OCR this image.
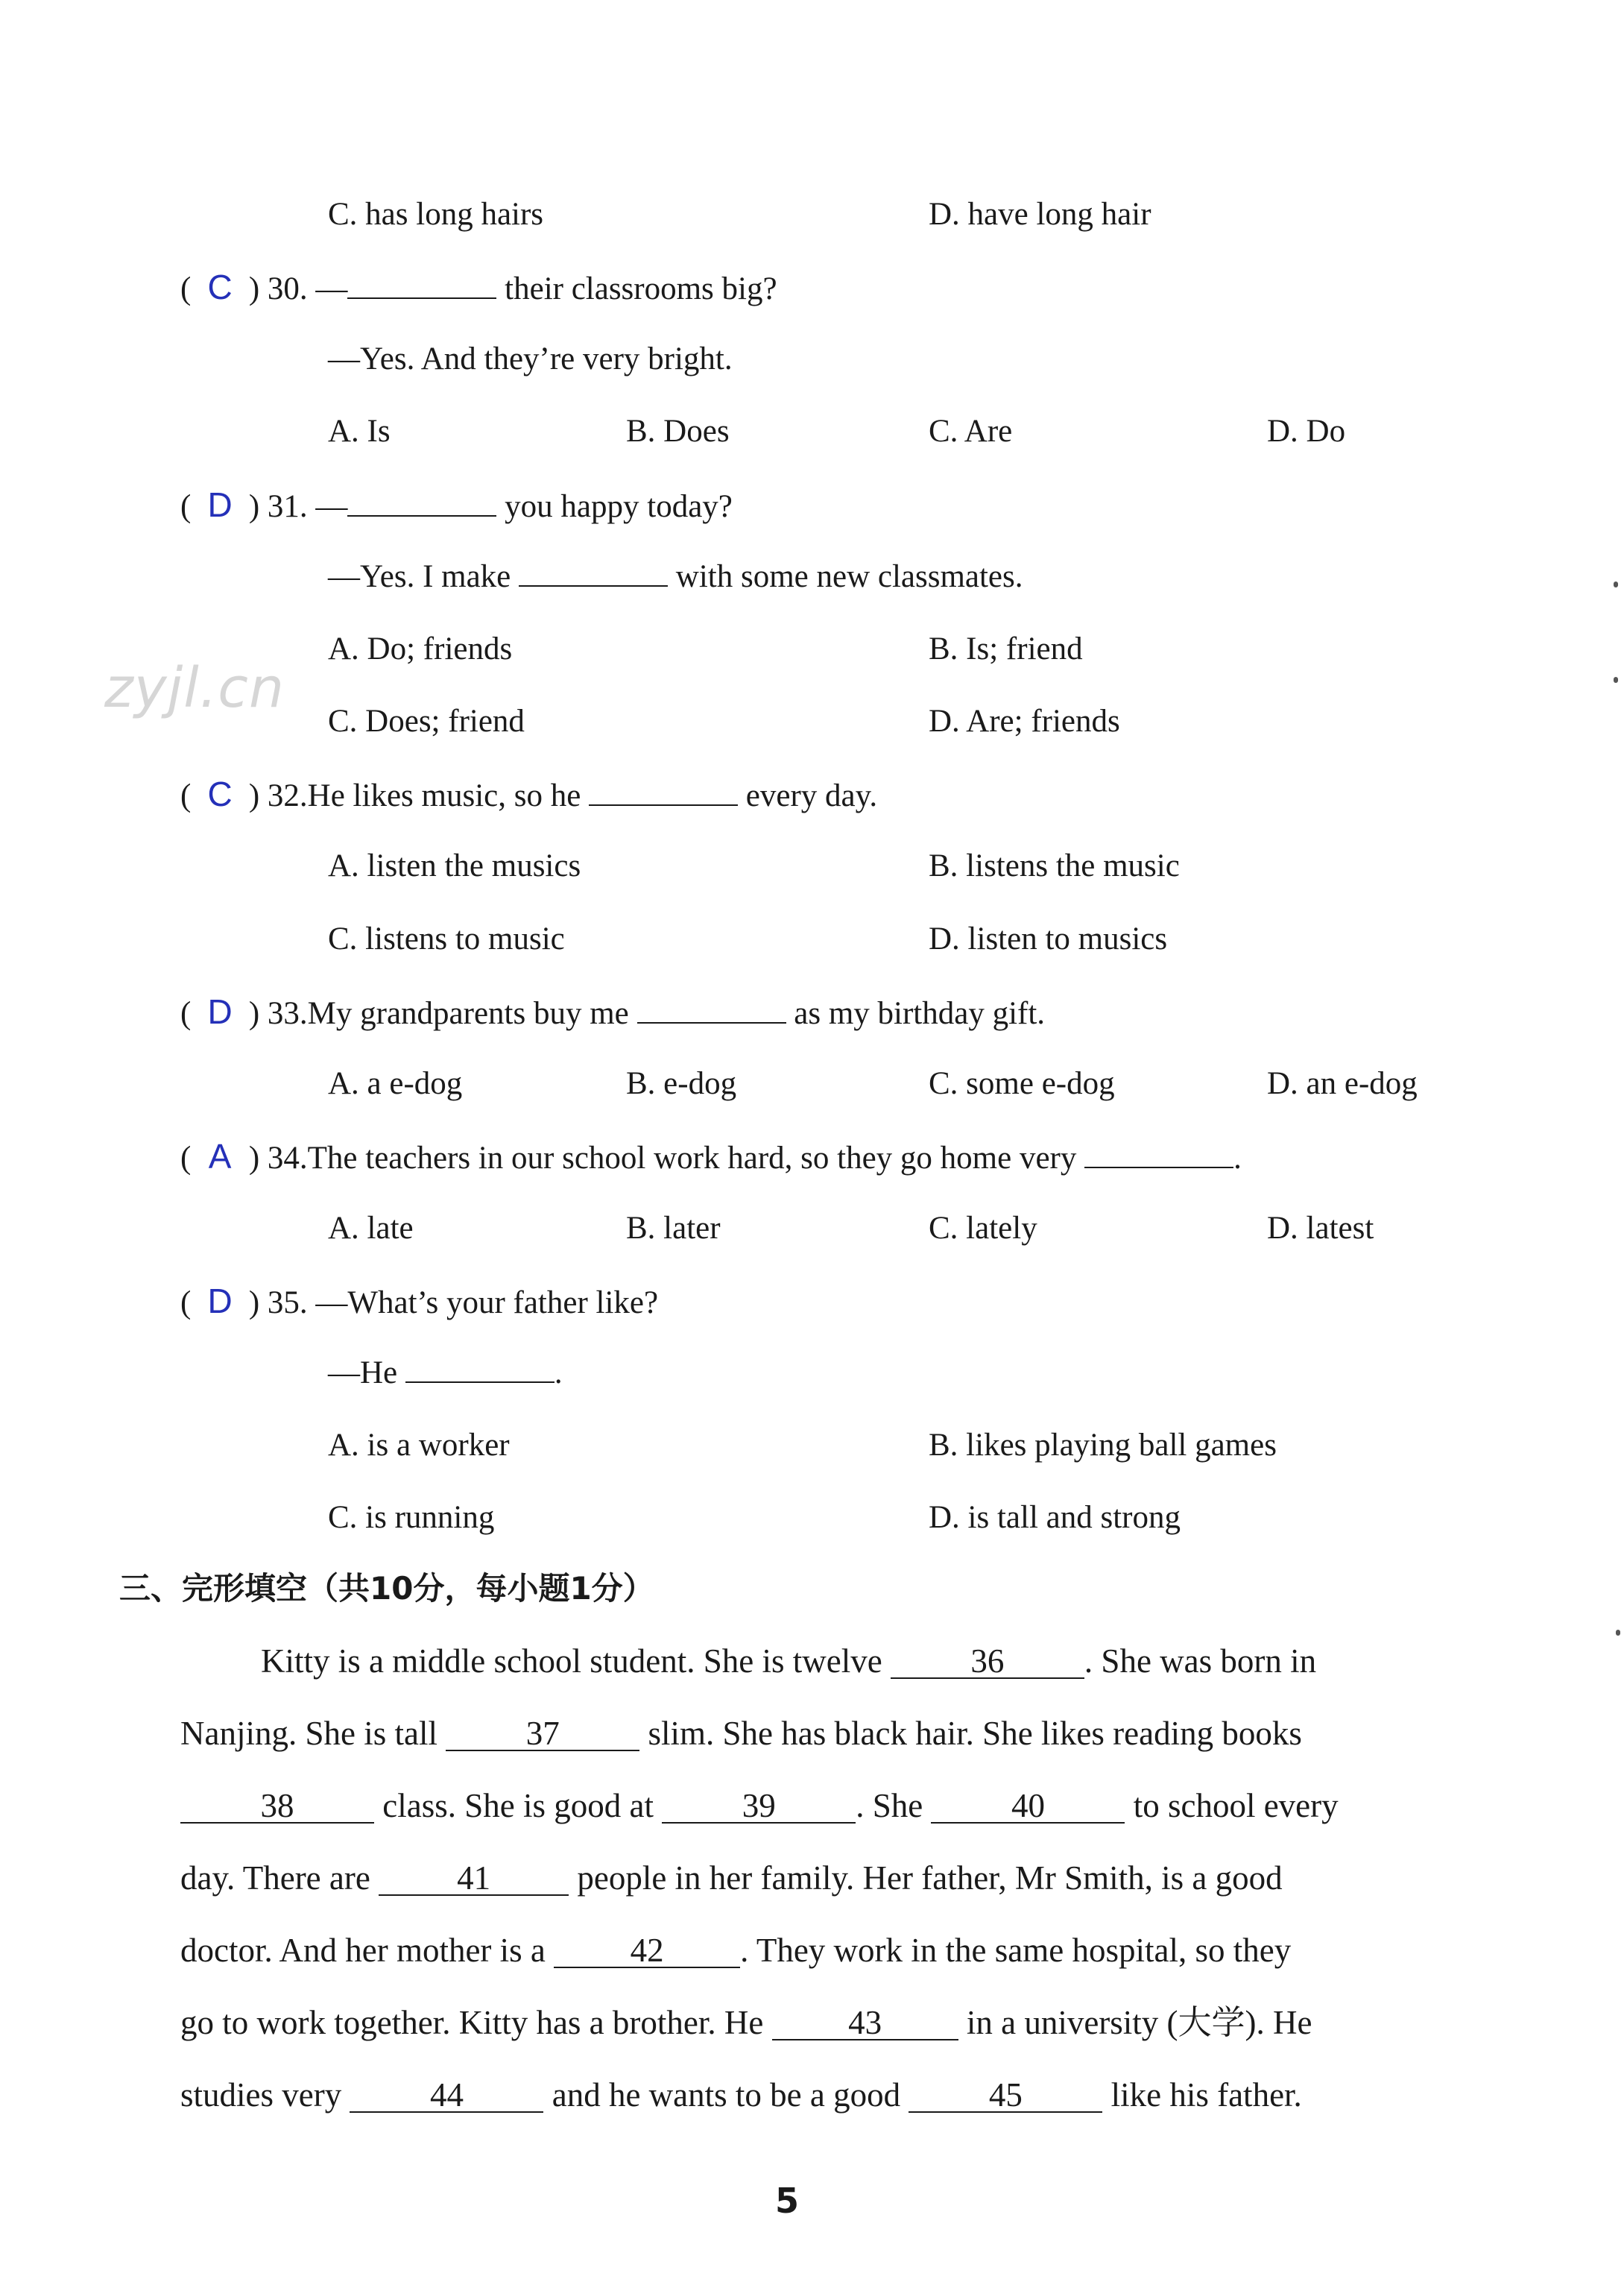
zyjl.cn
C. has long hairs	D. have long hair
( C ) 30. —	their classrooms big?
—Yes. And they’re very bright.
A. Is	B. Does	C. Are	D. Do
( D ) 31. —	you happy today?
—Yes. I make	with some new classmates.
A. Do; friends	B. Is; friend
C. Does; friend	D. Are; friends
( C ) 32.He likes music, so he	every day.
A. listen the musics	B. listens the music
C. listens to music	D. listen to musics
( D ) 33.My grandparents buy me	as my birthday gift.
A. a e-dog	B. e-dog	C. some e-dog	D. an e-dog
( A ) 34.The teachers in our school work hard, so they go home very	.
A. late	B. later	C. lately	D. latest
( D ) 35. —What’s your father like?
—He	.
A. is a worker	B. likes playing ball games
C. is running	D. is tall and strong
三、完形填空（共10分，每小题1分）
Kitty is a middle school student. She is twelve	36 . She was born in
Nanjing. She is tall	37	slim. She has black hair. She likes reading books
38	class. She is good at	39 . She	40	to school every
day. There are	41	people in her family. Her father, Mr Smith, is a good
doctor. And her mother is a	42 . They work in the same hospital, so they
go to work together. Kitty has a brother. He	43	in a university (大学). He
studies very	44	and he wants to be a good	45	like his father.
5
